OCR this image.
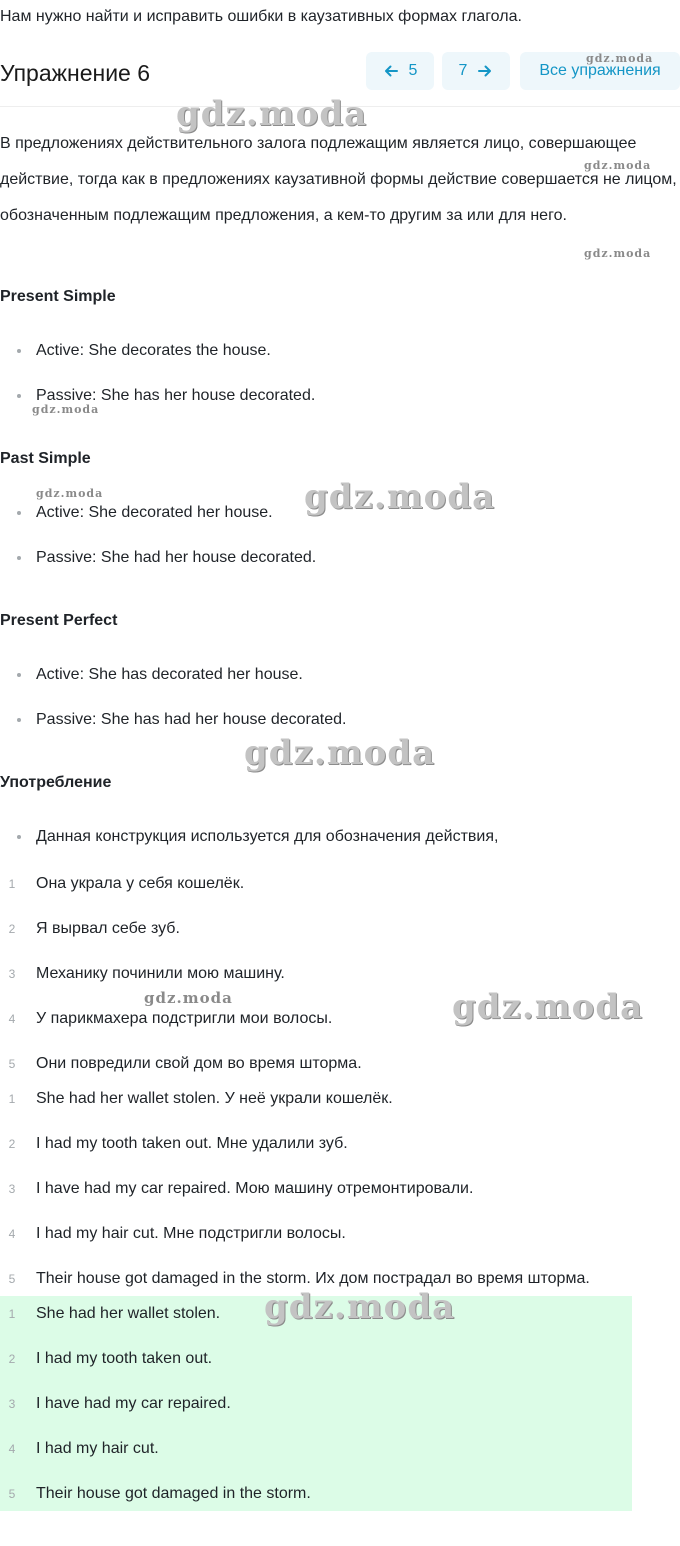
Нам нужно найти и исправить ошибки в каузативных формах глагола.
Упражнение 6	5	7	Все упражнения
В предложениях действительного залога подлежащим является лицо, совершающее действие, тогда как в предложениях каузативной формы действие совершается не лицом, обозначенным подлежащим предложения, а кем-то другим за или для него.
Present Simple
Active: She decorates the house.
Passive: She has her house decorated.
Past Simple
Active: She decorated her house.
Passive: She had her house decorated.
Present Perfect
Active: She has decorated her house.
Passive: She has had her house decorated.
Употребление
Данная конструкция используется для обозначения действия,
1	Она украла у себя кошелёк.
2	Я вырвал себе зуб.
3	Механику починили мою машину.
4	У парикмахера подстригли мои волосы.
5	Они повредили свой дом во время шторма.
1	She had her wallet stolen. У неё украли кошелёк.
2	I had my tooth taken out. Мне удалили зуб.
3	I have had my car repaired. Мою машину отремонтировали.
4	I had my hair cut. Мне подстригли волосы.
5	Their house got damaged in the storm. Их дом пострадал во время шторма.
1	She had her wallet stolen.
2	I had my tooth taken out.
3	I have had my car repaired.
4	I had my hair cut.
5	Their house got damaged in the storm.
gdz.moda
gdz.moda
gdz.moda
gdz.moda
gdz.moda
gdz.moda	gdz.moda
gdz.moda
gdz.moda	gdz.moda
gdz.moda
